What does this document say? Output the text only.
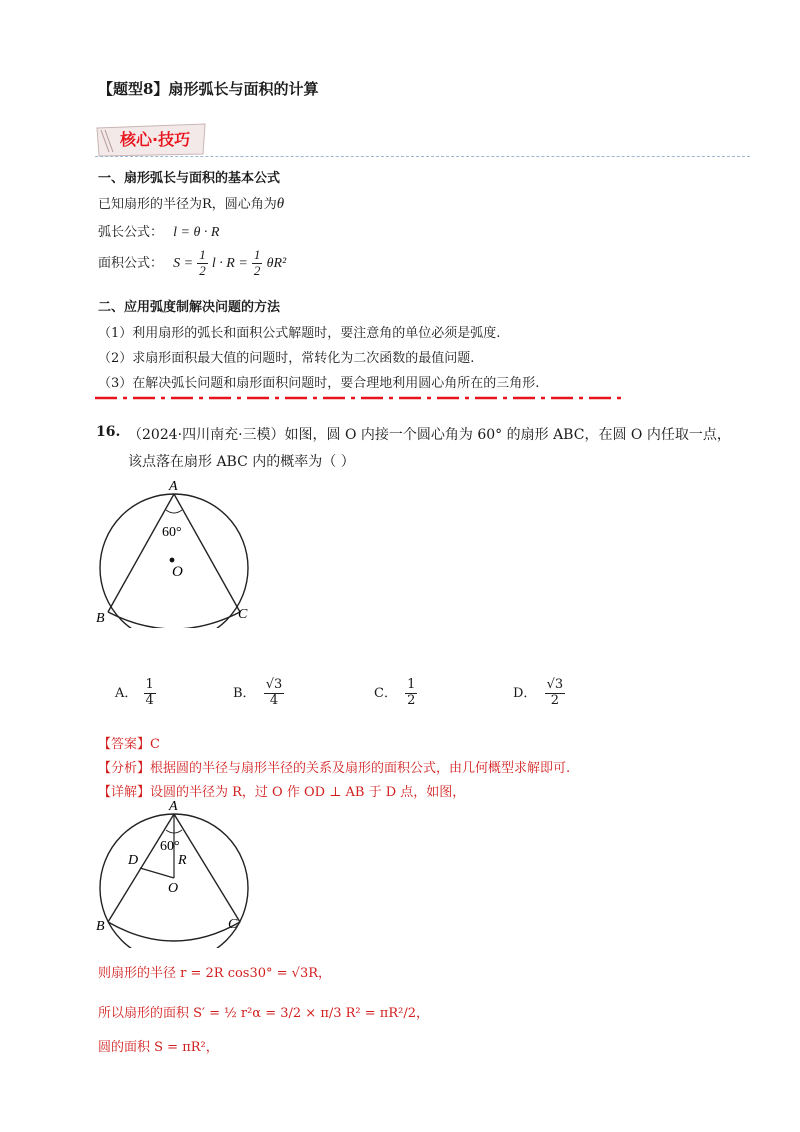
【题型8】扇形弧长与面积的计算
核心·技巧
一、扇形弧长与面积的基本公式
已知扇形的半径为R，圆心角为θ
弧长公式： l = θ · R
面积公式： $S = \frac{1}{2}$ $l \cdot R = \frac{1}{2} \theta R^2$
二、应用弧度制解决问题的方法
（1）利用扇形的弧长和面积公式解题时，要注意角的单位必须是弧度.
（2）求扇形面积最大值的问题时，常转化为二次函数的最值问题.
（3）在解决弧长问题和扇形面积问题时，要合理地利用圆心角所在的三角形.
16. （2024·四川南充·三模）如图，圆 O 内接一个圆心角为 60° 的扇形 ABC，在圆 O 内任取一点，
该点落在扇形 ABC 内的概率为（ ）
A
60°
O
B	C
A． $\frac{1}{4}$	B． $\frac{√3}{4}$	C． $\frac{1}{2}$	D． $\frac{√3}{2}$
【答案】C
【分析】根据圆的半径与扇形半径的关系及扇形的面积公式，由几何概型求解即可.
【详解】设圆的半径为 R，过 O 作 OD ⊥ AB 于 D 点，如图，
A
60°
D	R
O
B	C
则扇形的半径 r = 2R cos30° = √3R，
所以扇形的面积 S′ = ½ r²α = 3/2 × π/3 R² = πR²/2，
圆的面积 S = πR²，
